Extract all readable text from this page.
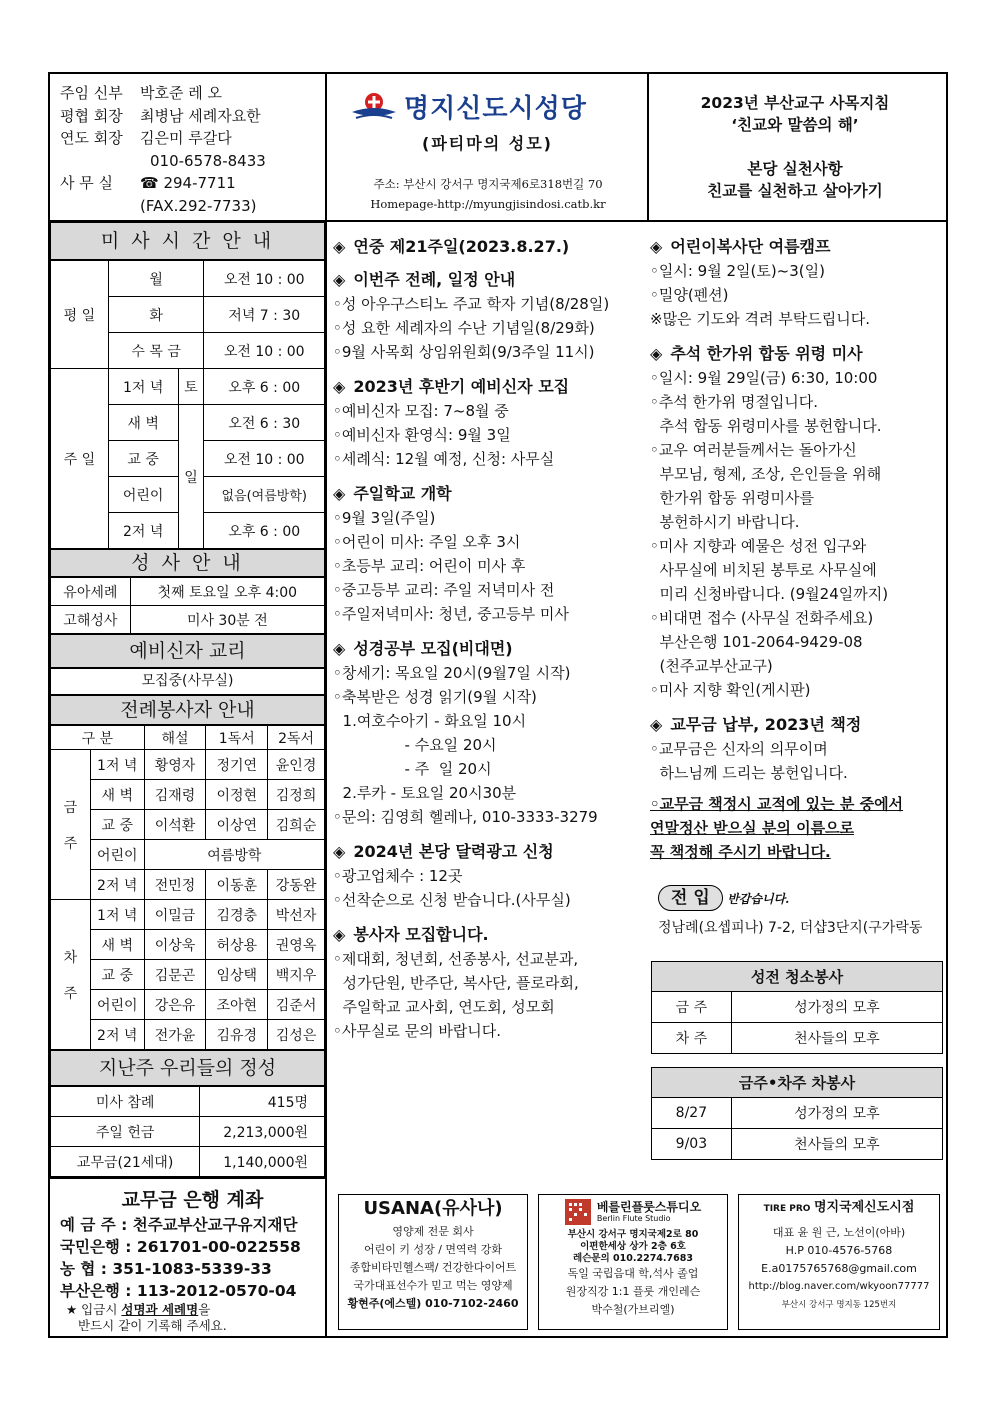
주임 신부 박호준 레 오
평협 회장 최병남 세례자요한
연도 회장 김은미 루갈다
010-6578-8433
사 무 실 ☎ 294-7711
(FAX.292-7733)
명지신도시성당
(파티마의 성모)
주소: 부산시 강서구 명지국제6로318번길 70
Homepage-http://myungjisindosi.catb.kr
2023년 부산교구 사목지침
‘친교와 말씀의 해’
본당 실천사항
친교를 실천하고 살아가기
미 사 시 간 안 내
평 일	월		오전 10 : 00
	화		저녁 7 : 30
	수 목 금		오전 10 : 00
주 일	1저 녁	토	오후 6 : 00
	새 벽	일	오전 6 : 30
	교 중		오전 10 : 00
	어린이		없음(여름방학)
	2저 녁		오후 6 : 00
성 사 안 내
유아세례	첫째 토요일 오후 4:00
고해성사	미사 30분 전
예비신자 교리
모집중(사무실)
전례봉사자 안내
구 분		해설	1독서	2독서
금

주	1저 녁	황영자	정기연	윤인경
	새 벽	김재령	이정현	김정희
	교 중	이석환	이상연	김희순
	어린이	여름방학		
	2저 녁	전민정	이동훈	강동완
차

주	1저 녁	이밀금	김경충	박선자
	새 벽	이상욱	허상용	권영옥
	교 중	김문곤	임상택	백지우
	어린이	강은유	조아현	김준서
	2저 녁	전가윤	김유경	김성은
지난주 우리들의 정성
미사 참례	415명
주일 헌금	2,213,000원
교무금(21세대)	1,140,000원
교무금 은행 계좌
예 금 주 : 천주교부산교구유지재단
국민은행 : 261701-00-022558
농 협 : 351-1083-5339-33
부산은행 : 113-2012-0570-04
★ 입금시 성명과 세례명을
반드시 같이 기록해 주세요.
◈ 연중 제21주일(2023.8.27.)
◈ 이번주 전례, 일정 안내
◦성 아우구스티노 주교 학자 기념(8/28일)
◦성 요한 세례자의 수난 기념일(8/29화)
◦9월 사목회 상임위원회(9/3주일 11시)
◈ 2023년 후반기 예비신자 모집
◦예비신자 모집: 7~8월 중
◦예비신자 환영식: 9월 3일
◦세례식: 12월 예정, 신청: 사무실
◈ 주일학교 개학
◦9월 3일(주일)
◦어린이 미사: 주일 오후 3시
◦초등부 교리: 어린이 미사 후
◦중고등부 교리: 주일 저녁미사 전
◦주일저녁미사: 청년, 중고등부 미사
◈ 성경공부 모집(비대면)
◦창세기: 목요일 20시(9월7일 시작)
◦축복받은 성경 읽기(9월 시작)
1.여호수아기 - 화요일 10시
- 수요일 20시
- 주  일 20시
2.루카 - 토요일 20시30분
◦문의: 김영희 헬레나, 010-3333-3279
◈ 2024년 본당 달력광고 신청
◦광고업체수 : 12곳
◦선착순으로 신청 받습니다.(사무실)
◈ 봉사자 모집합니다.
◦제대회, 청년회, 선종봉사, 선교분과,
성가단원, 반주단, 복사단, 플로라회,
주일학교 교사회, 연도회, 성모회
◦사무실로 문의 바랍니다.
◈ 어린이복사단 여름캠프
◦일시: 9월 2일(토)~3(일)
◦밀양(펜션)
※많은 기도와 격려 부탁드립니다.
◈ 추석 한가위 합동 위령 미사
◦일시: 9월 29일(금) 6:30, 10:00
◦추석 한가위 명절입니다.
추석 합동 위령미사를 봉헌합니다.
◦교우 여러분들께서는 돌아가신
부모님, 형제, 조상, 은인들을 위해
한가위 합동 위령미사를
봉헌하시기 바랍니다.
◦미사 지향과 예물은 성전 입구와
사무실에 비치된 봉투로 사무실에
미리 신청바랍니다. (9월24일까지)
◦비대면 접수 (사무실 전화주세요)
부산은행 101-2064-9429-08
(천주교부산교구)
◦미사 지향 확인(게시판)
◈ 교무금 납부, 2023년 책정
◦교무금은 신자의 의무이며
하느님께 드리는 봉헌입니다.
◦교무금 책정시 교적에 있는 분 중에서
연말정산 받으실 분의 이름으로
꼭 책정해 주시기 바랍니다.
전 입 반갑습니다.
정남례(요셉피나) 7-2, 더샵3단지(구가락동
성전 청소봉사	
금 주	성가정의 모후
차 주	천사들의 모후
금주•차주 차봉사	
8/27	성가정의 모후
9/03	천사들의 모후
USANA(유사나)
영양제 전문 회사
어린이 키 성장 / 면역력 강화
종합비타민헬스팩/ 건강한다이어트
국가대표선수가 믿고 먹는 영양제
황현주(에스텔) 010-7102-2460
베를린플룻스튜디오
Berlin Flute Studio
부산시 강서구 명지국제2로 80
이편한세상 상가 2층 6호
레슨문의 010.2274.7683
독일 국립음대 학,석사 졸업
원장직강 1:1 플룻 개인레슨
박수철(가브리엘)
TIRE PRO 명지국제신도시점
대표 윤 원 근, 노선이(아바)
H.P 010-4576-5768
E.a0175765768@gmail.com
http://blog.naver.com/wkyoon77777
부산시 강서구 명지동 125번지
